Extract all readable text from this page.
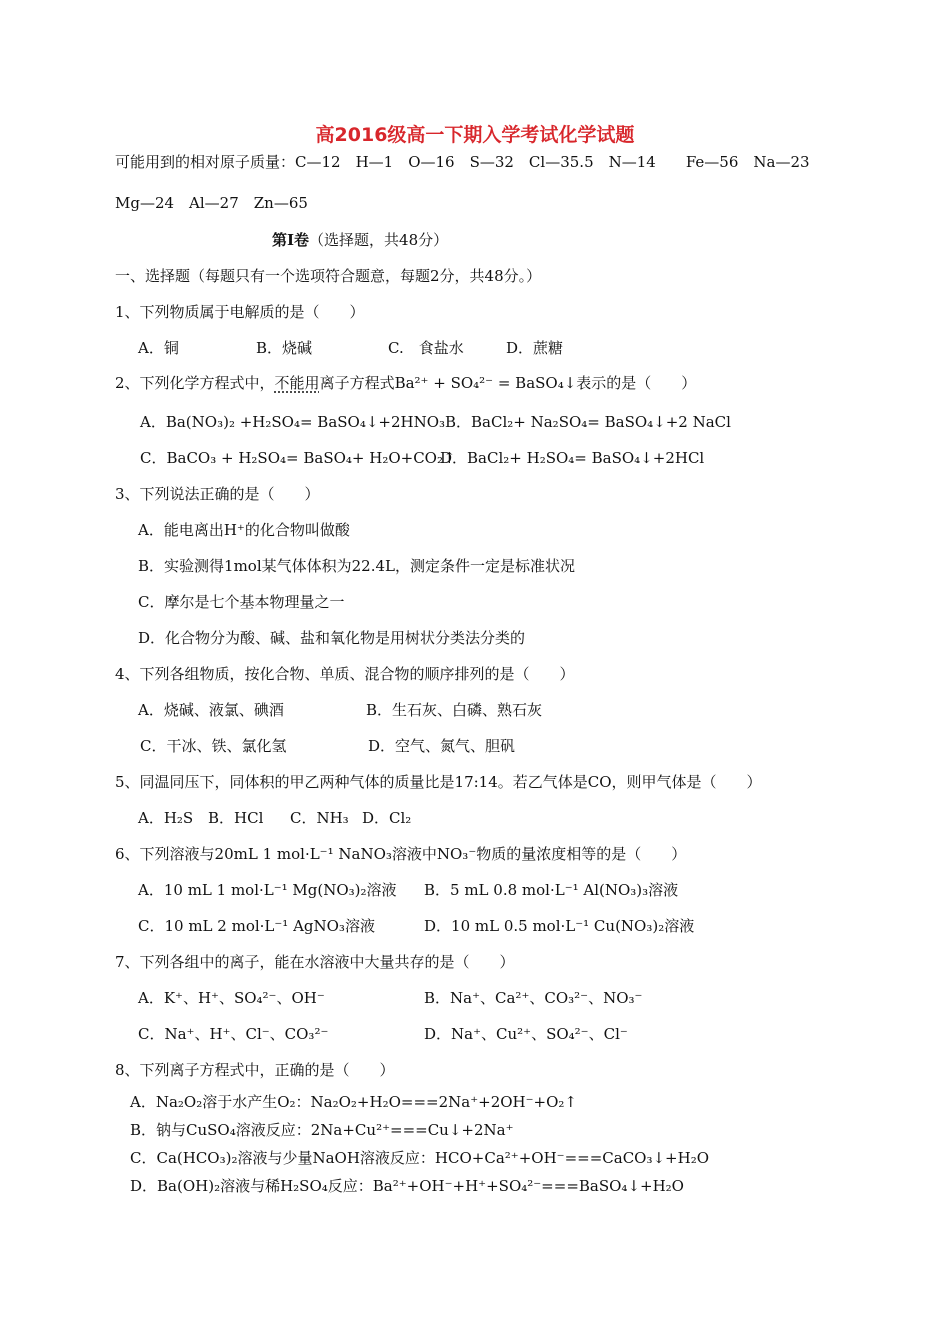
高2016级高一下期入学考试化学试题
可能用到的相对原子质量：C—12　H—1　O—16　S—32　Cl—35.5　N—14　　Fe—56　Na—23
Mg—24　Al—27　Zn—65
第Ⅰ卷（选择题，共48分）
一、选择题（每题只有一个选项符合题意，每题2分，共48分。）
1、下列物质属于电解质的是（　　）
A．铜	B．烧碱	C.　食盐水	D．蔗糖
2、下列化学方程式中，不能用离子方程式Ba²⁺ + SO₄²⁻ = BaSO₄↓表示的是（　　）
A．Ba(NO₃)₂ +H₂SO₄= BaSO₄↓+2HNO₃ B．BaCl₂+ Na₂SO₄= BaSO₄↓+2 NaCl
C．BaCO₃ + H₂SO₄= BaSO₄+ H₂O+CO₂↑
D．BaCl₂+ H₂SO₄= BaSO₄↓+2HCl
3、下列说法正确的是（　　）
A．能电离出H⁺的化合物叫做酸
B．实验测得1mol某气体体积为22.4L，测定条件一定是标准状况
C．摩尔是七个基本物理量之一
D．化合物分为酸、碱、盐和氧化物是用树状分类法分类的
4、下列各组物质，按化合物、单质、混合物的顺序排列的是（　　）
A．烧碱、液氯、碘酒	B．生石灰、白磷、熟石灰
C．干冰、铁、氯化氢	D．空气、氮气、胆矾
5、同温同压下，同体积的甲乙两种气体的质量比是17:14。若乙气体是CO，则甲气体是（　　）
A．H₂S B．HCl C．NH₃ D．Cl₂
6、下列溶液与20mL 1 mol·L⁻¹ NaNO₃溶液中NO₃⁻物质的量浓度相等的是（　　）
A．10 mL 1 mol·L⁻¹ Mg(NO₃)₂溶液 B．5 mL 0.8 mol·L⁻¹ Al(NO₃)₃溶液
C．10 mL 2 mol·L⁻¹ AgNO₃溶液	D．10 mL 0.5 mol·L⁻¹ Cu(NO₃)₂溶液
7、下列各组中的离子，能在水溶液中大量共存的是（　　）
A．K⁺、H⁺、SO₄²⁻、OH⁻	B．Na⁺、Ca²⁺、CO₃²⁻、NO₃⁻
C．Na⁺、H⁺、Cl⁻、CO₃²⁻	D．Na⁺、Cu²⁺、SO₄²⁻、Cl⁻
8、下列离子方程式中，正确的是（　　）
A．Na₂O₂溶于水产生O₂：Na₂O₂+H₂O===2Na⁺+2OH⁻+O₂↑
B．钠与CuSO₄溶液反应：2Na+Cu²⁺===Cu↓+2Na⁺
C．Ca(HCO₃)₂溶液与少量NaOH溶液反应：HCO+Ca²⁺+OH⁻===CaCO₃↓+H₂O
D．Ba(OH)₂溶液与稀H₂SO₄反应：Ba²⁺+OH⁻+H⁺+SO₄²⁻===BaSO₄↓+H₂O
